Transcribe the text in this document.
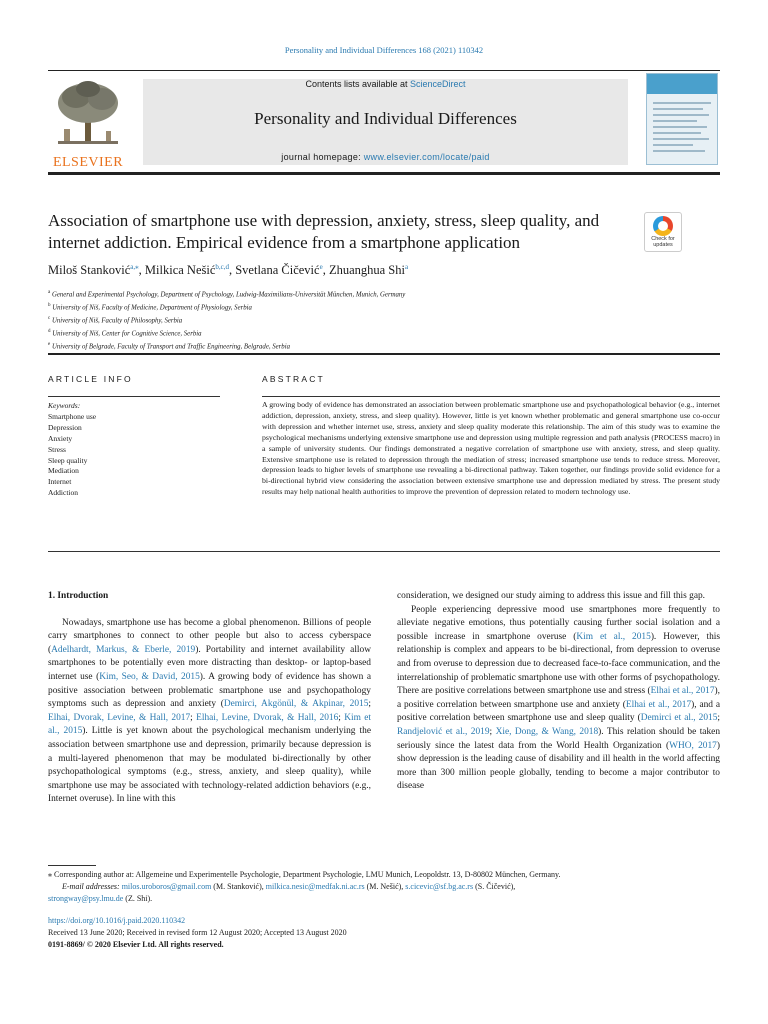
Personality and Individual Differences 168 (2021) 110342
ELSEVIER
Contents lists available at ScienceDirect
Personality and Individual Differences
journal homepage: www.elsevier.com/locate/paid
Association of smartphone use with depression, anxiety, stress, sleep quality, and internet addiction. Empirical evidence from a smartphone application	Check for updates
Miloš Stanković$^{a,⁎}$, Milkica Nešić$^{b,c,d}$, Svetlana Čičević$^e$, Zhuanghua Shi$^a$
$^a$ General and Experimental Psychology, Department of Psychology, Ludwig-Maximilians-Universität München, Munich, Germany
$^b$ University of Niš, Faculty of Medicine, Department of Physiology, Serbia
$^c$ University of Niš, Faculty of Philosophy, Serbia
$^d$ University of Niš, Center for Cognitive Science, Serbia
$^e$ University of Belgrade, Faculty of Transport and Traffic Engineering, Belgrade, Serbia
ARTICLE INFO	ABSTRACT
Keywords:
Smartphone use
Depression
Anxiety
Stress
Sleep quality
Mediation
Internet
Addiction
A growing body of evidence has demonstrated an association between problematic smartphone use and psychopathological behavior (e.g., internet addiction, depression, anxiety, stress, and sleep quality). However, little is yet known whether problematic and general smartphone use co-occur with depression and whether internet use, stress, anxiety and sleep quality moderate this relationship. The aim of this study was to examine the psychological mechanisms underlying extensive smartphone use and depression using multiple regression and path analysis (PROCESS macro) in a sample of university students. Our findings demonstrated a negative correlation of smartphone use with anxiety, stress, and sleep quality. Extensive smartphone use is related to depression through the mediation of stress; increased smartphone use tends to reduce stress. Moreover, depression leads to higher levels of smartphone use revealing a bi-directional pathway. Taken together, our findings provide solid evidence for a bi-directional hybrid view considering the association between extensive smartphone use and depression mediated by stress. The present study results may help national health authorities to improve the prevention of depression related to modern technology use.
1. Introduction
Nowadays, smartphone use has become a global phenomenon. Billions of people carry smartphones to connect to other people but also to access cyberspace (Adelhardt, Markus, & Eberle, 2019). Portability and internet availability allow smartphones to be potentially even more distracting than desktop- or laptop-based internet use (Kim, Seo, & David, 2015). A growing body of evidence has shown a positive association between problematic smartphone use and psychopathology symptoms such as depression and anxiety (Demirci, Akgönül, & Akpinar, 2015; Elhai, Dvorak, Levine, & Hall, 2017; Elhai, Levine, Dvorak, & Hall, 2016; Kim et al., 2015). Little is yet known about the psychological mechanism underlying the association between smartphone use and depression, primarily because depression is a multi-layered phenomenon that may be modulated bi-directionally by other psychopathological symptoms (e.g., stress, anxiety, and sleep quality), while smartphone use may be associated with technology-related addiction behaviors (e.g., Internet overuse). In line with this
consideration, we designed our study aiming to address this issue and fill this gap.
People experiencing depressive mood use smartphones more frequently to alleviate negative emotions, thus potentially causing further social isolation and a possible increase in smartphone overuse (Kim et al., 2015). However, this relationship is complex and appears to be bi-directional, from depression to overuse and from overuse to depression due to decreased face-to-face communication, and the interrelationship of problematic smartphone use with other forms of psychopathology. There are positive correlations between smartphone use and stress (Elhai et al., 2017), a positive correlation between smartphone use and anxiety (Elhai et al., 2017), and a positive correlation between smartphone use and sleep quality (Demirci et al., 2015; Randjelović et al., 2019; Xie, Dong, & Wang, 2018). This relation should be taken seriously since the latest data from the World Health Organization (WHO, 2017) show depression is the leading cause of disability and ill health in the world affecting more than 300 million people globally, tending to become a major contributor to disease
⁎ Corresponding author at: Allgemeine und Experimentelle Psychologie, Department Psychologie, LMU Munich, Leopoldstr. 13, D-80802 München, Germany.
E-mail addresses: milos.uroboros@gmail.com (M. Stanković), milkica.nesic@medfak.ni.ac.rs (M. Nešić), s.cicevic@sf.bg.ac.rs (S. Čičević),
strongway@psy.lmu.de (Z. Shi).
https://doi.org/10.1016/j.paid.2020.110342
Received 13 June 2020; Received in revised form 12 August 2020; Accepted 13 August 2020
0191-8869/ © 2020 Elsevier Ltd. All rights reserved.
